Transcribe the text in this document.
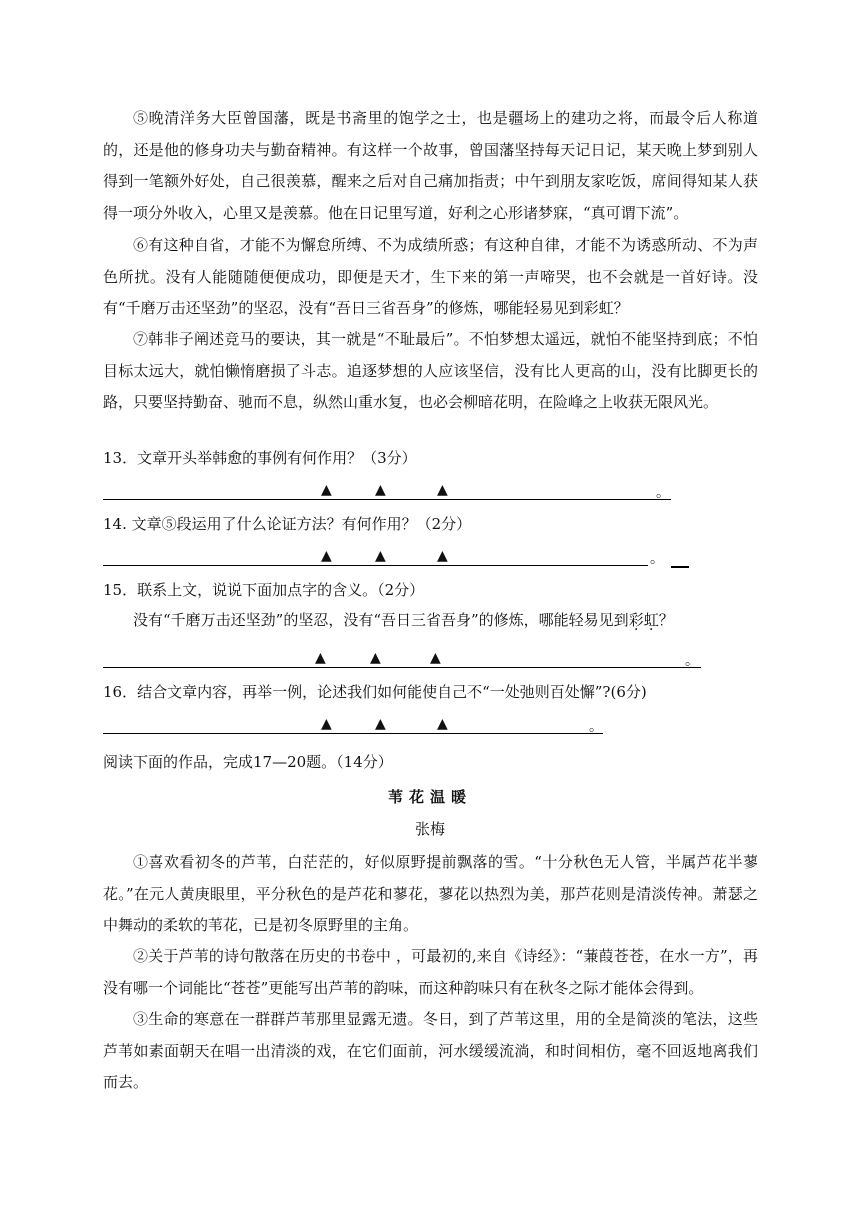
⑤晚清洋务大臣曾国藩，既是书斋里的饱学之士，也是疆场上的建功之将，而最令后人称道的，还是他的修身功夫与勤奋精神。有这样一个故事，曾国藩坚持每天记日记，某天晚上梦到别人得到一笔额外好处，自己很羡慕，醒来之后对自己痛加指责；中午到朋友家吃饭，席间得知某人获得一项分外收入，心里又是羡慕。他在日记里写道，好利之心形诸梦寐，“真可谓下流”。

⑥有这种自省，才能不为懈怠所缚、不为成绩所惑；有这种自律，才能不为诱惑所动、不为声色所扰。没有人能随随便便成功，即便是天才，生下来的第一声啼哭，也不会就是一首好诗。没有“千磨万击还坚劲”的坚忍，没有“吾日三省吾身”的修炼，哪能轻易见到彩虹？

⑦韩非子阐述竞马的要诀，其一就是“不耻最后”。不怕梦想太遥远，就怕不能坚持到底；不怕目标太远大，就怕懒惰磨损了斗志。追逐梦想的人应该坚信，没有比人更高的山，没有比脚更长的路，只要坚持勤奋、驰而不息，纵然山重水复，也必会柳暗花明，在险峰之上收获无限风光。

13．文章开头举韩愈的事例有何作用？（3分）

▲	▲	▲	。

14. 文章⑤段运用了什么论证方法？有何作用？（2分）

▲	▲	▲	。

15．联系上文，说说下面加点字的含义。（2分）

没有“千磨万击还坚劲”的坚忍，没有“吾日三省吾身”的修炼，哪能轻易见到彩虹？

▲	▲	▲	。

16．结合文章内容，再举一例，论述我们如何能使自己不“一处弛则百处懈”?(6分)

▲	▲	▲	。

阅读下面的作品，完成17—20题。（14分）

苇花温暖

张梅

①喜欢看初冬的芦苇，白茫茫的，好似原野提前飘落的雪。“十分秋色无人管，半属芦花半蓼花。”在元人黄庚眼里，平分秋色的是芦花和蓼花，蓼花以热烈为美，那芦花则是清淡传神。萧瑟之中舞动的柔软的苇花，已是初冬原野里的主角。

②关于芦苇的诗句散落在历史的书卷中 ，可最初的,来自《诗经》：“蒹葭苍苍，在水一方”，再没有哪一个词能比“苍苍”更能写出芦苇的韵味，而这种韵味只有在秋冬之际才能体会得到。

③生命的寒意在一群群芦苇那里显露无遗。冬日，到了芦苇这里，用的全是简淡的笔法，这些芦苇如素面朝天在唱一出清淡的戏，在它们面前，河水缓缓流淌，和时间相仿，毫不回返地离我们而去。
